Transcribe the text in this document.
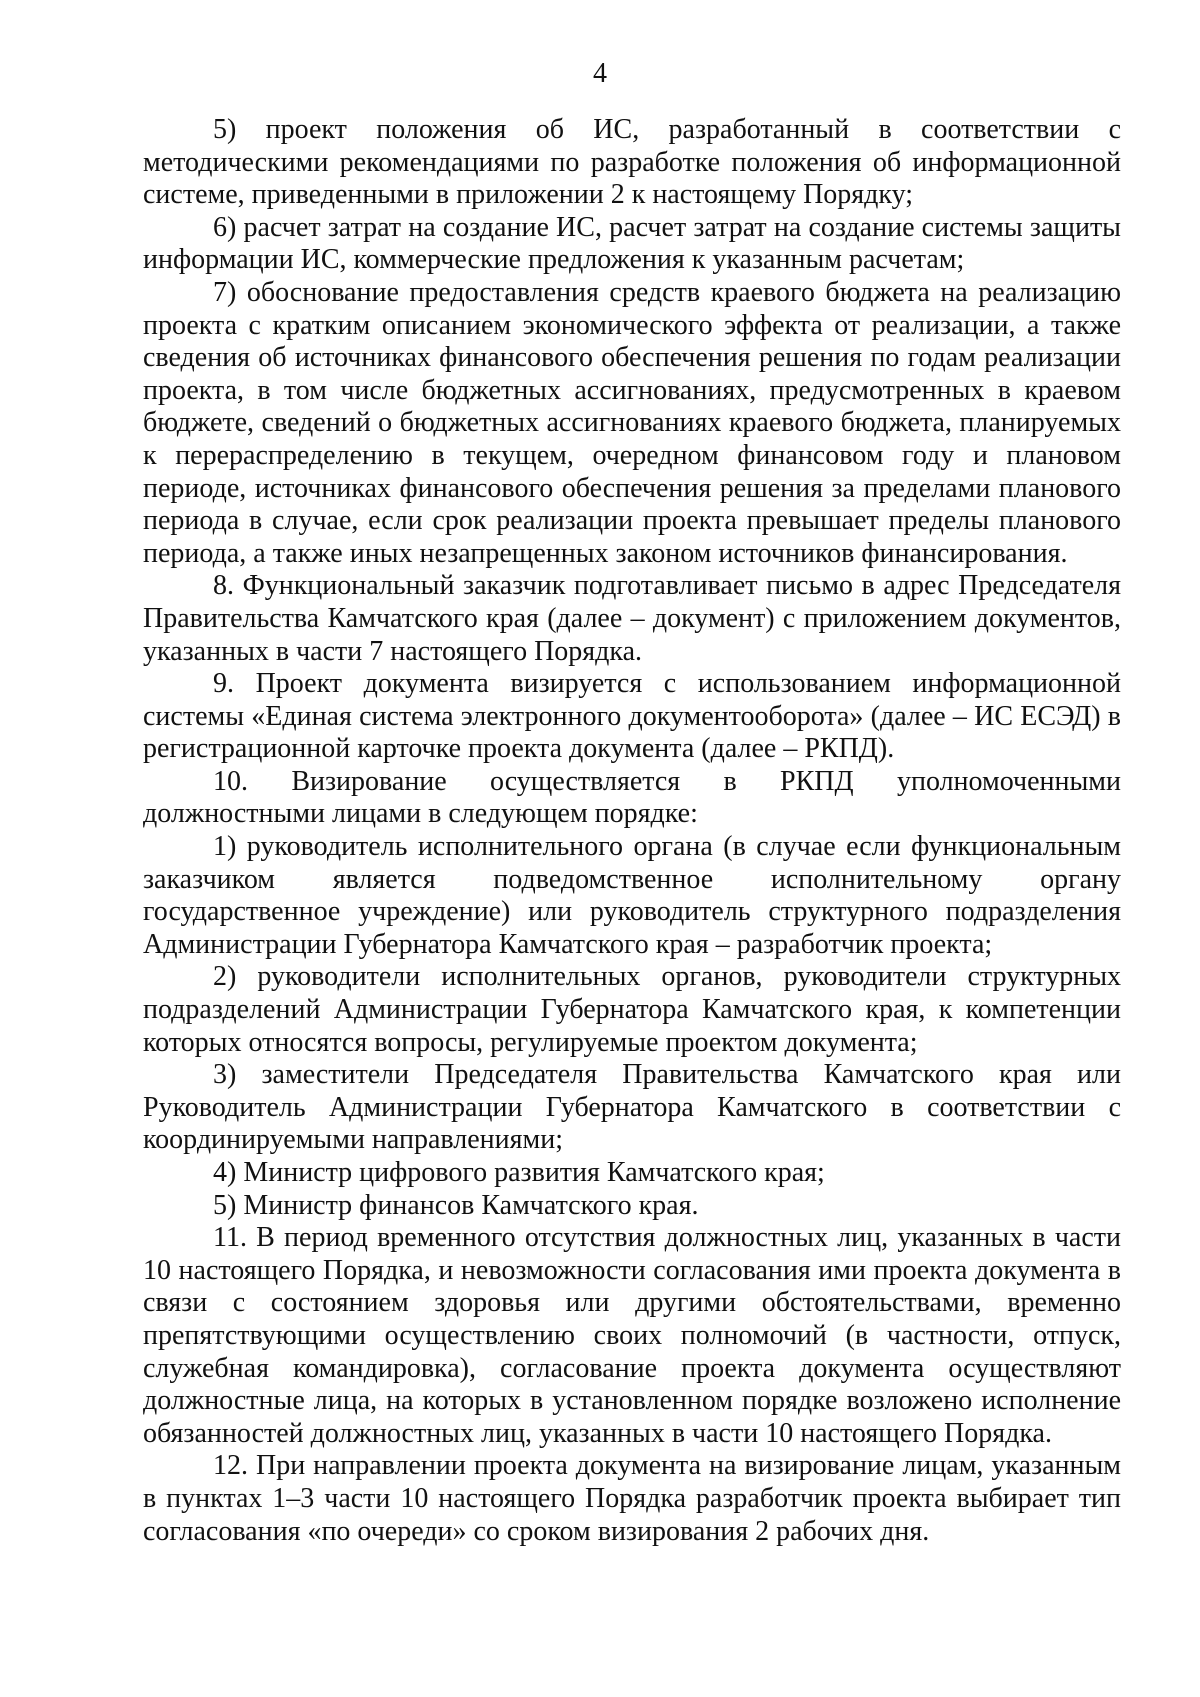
4

5) проект положения об ИС, разработанный в соответствии с методическими рекомендациями по разработке положения об информационной системе, приведенными в приложении 2 к настоящему Порядку;

6) расчет затрат на создание ИС, расчет затрат на создание системы защиты информации ИС, коммерческие предложения к указанным расчетам;

7) обоснование предоставления средств краевого бюджета на реализацию проекта с кратким описанием экономического эффекта от реализации, а также сведения об источниках финансового обеспечения решения по годам реализации проекта, в том числе бюджетных ассигнованиях, предусмотренных в краевом бюджете, сведений о бюджетных ассигнованиях краевого бюджета, планируемых к перераспределению в текущем, очередном финансовом году и плановом периоде, источниках финансового обеспечения решения за пределами планового периода в случае, если срок реализации проекта превышает пределы планового периода, а также иных незапрещенных законом источников финансирования.

8. Функциональный заказчик подготавливает письмо в адрес Председателя Правительства Камчатского края (далее – документ) с приложением документов, указанных в части 7 настоящего Порядка.

9. Проект документа визируется с использованием информационной системы «Единая система электронного документооборота» (далее – ИС ЕСЭД) в регистрационной карточке проекта документа (далее – РКПД).

10. Визирование осуществляется в РКПД уполномоченными должностными лицами в следующем порядке:

1) руководитель исполнительного органа (в случае если функциональным заказчиком является подведомственное исполнительному органу государственное учреждение) или руководитель структурного подразделения Администрации Губернатора Камчатского края – разработчик проекта;

2) руководители исполнительных органов, руководители структурных подразделений Администрации Губернатора Камчатского края, к компетенции которых относятся вопросы, регулируемые проектом документа;

3) заместители Председателя Правительства Камчатского края или Руководитель Администрации Губернатора Камчатского в соответствии с координируемыми направлениями;

4) Министр цифрового развития Камчатского края;

5) Министр финансов Камчатского края.

11. В период временного отсутствия должностных лиц, указанных в части 10 настоящего Порядка, и невозможности согласования ими проекта документа в связи с состоянием здоровья или другими обстоятельствами, временно препятствующими осуществлению своих полномочий (в частности, отпуск, служебная командировка), согласование проекта документа осуществляют должностные лица, на которых в установленном порядке возложено исполнение обязанностей должностных лиц, указанных в части 10 настоящего Порядка.

12. При направлении проекта документа на визирование лицам, указанным в пунктах 1–3 части 10 настоящего Порядка разработчик проекта выбирает тип согласования «по очереди» со сроком визирования 2 рабочих дня.
